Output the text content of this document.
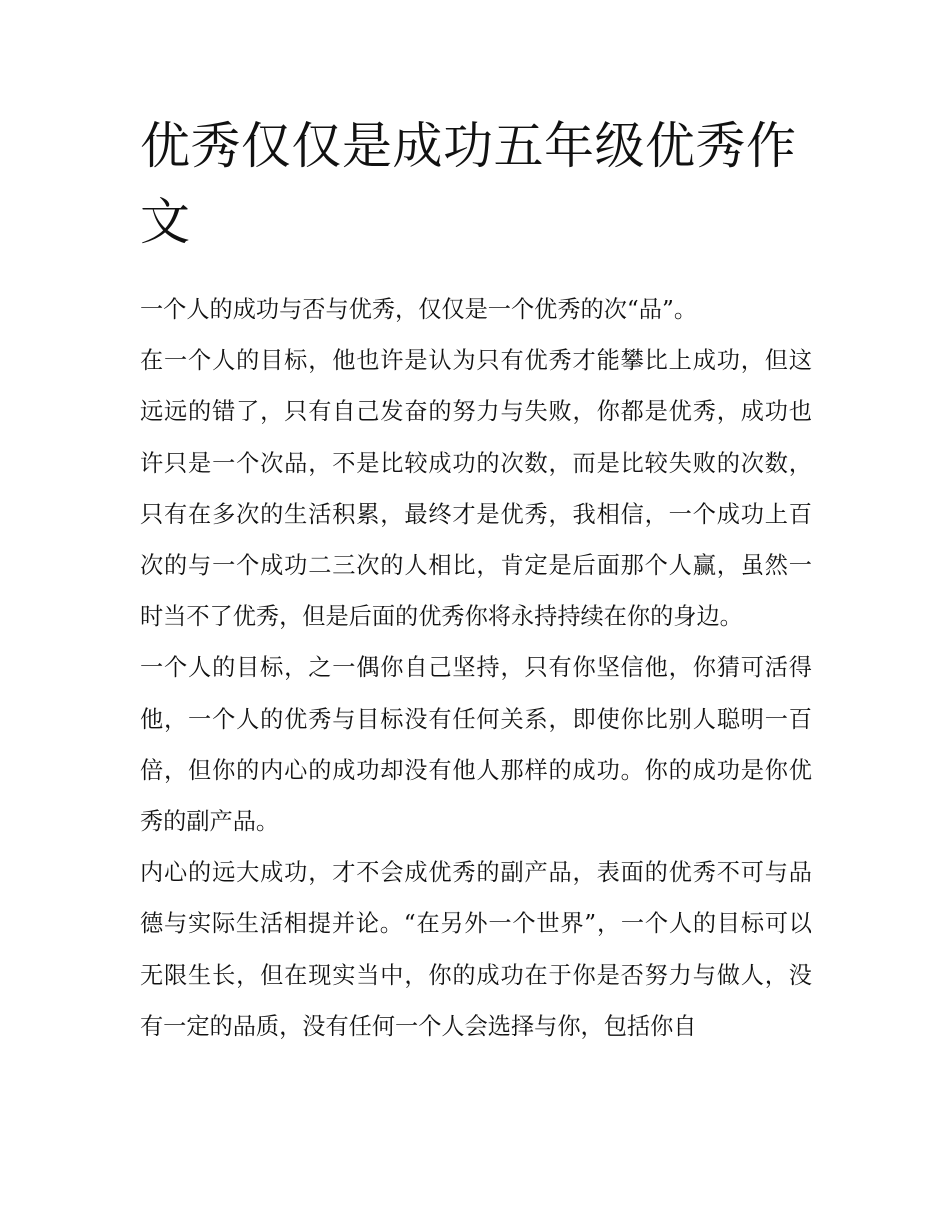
优秀仅仅是成功五年级优秀作文

一个人的成功与否与优秀，仅仅是一个优秀的次“品”。

在一个人的目标，他也许是认为只有优秀才能攀比上成功，但这远远的错了，只有自己发奋的努力与失败，你都是优秀，成功也许只是一个次品，不是比较成功的次数，而是比较失败的次数，只有在多次的生活积累，最终才是优秀，我相信，一个成功上百次的与一个成功二三次的人相比，肯定是后面那个人赢，虽然一时当不了优秀，但是后面的优秀你将永持持续在你的身边。

一个人的目标，之一偶你自己坚持，只有你坚信他，你猜可活得他，一个人的优秀与目标没有任何关系，即使你比别人聪明一百倍，但你的内心的成功却没有他人那样的成功。你的成功是你优秀的副产品。

内心的远大成功，才不会成优秀的副产品，表面的优秀不可与品德与实际生活相提并论。“在另外一个世界”，一个人的目标可以无限生长，但在现实当中，你的成功在于你是否努力与做人，没有一定的品质，没有任何一个人会选择与你，包括你自
